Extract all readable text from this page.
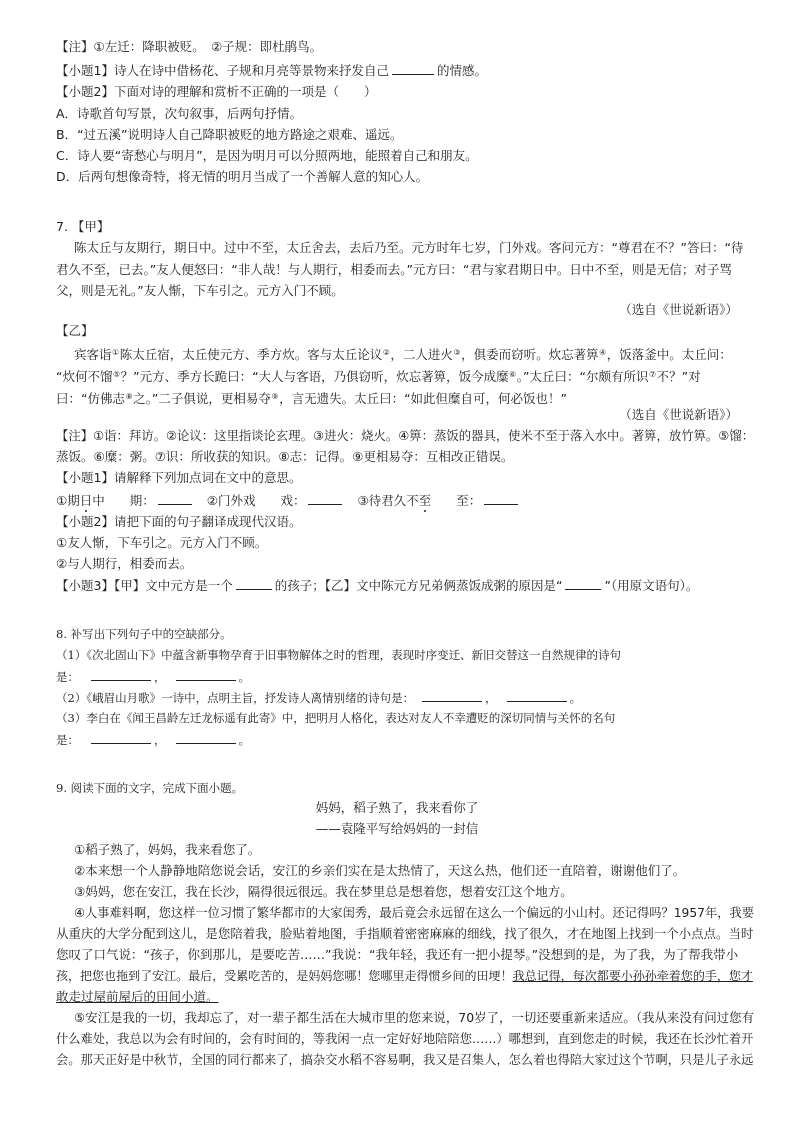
【注】①左迁：降职被贬。　②子规：即杜鹃鸟。
【小题1】诗人在诗中借杨花、子规和月亮等景物来抒发自己	的情感。
【小题2】下面对诗的理解和赏析不正确的一项是（　　）
A．诗歌首句写景，次句叙事，后两句抒情。
B．“过五溪”说明诗人自己降职被贬的地方路途之艰难、遥远。
C．诗人要“寄愁心与明月”，是因为明月可以分照两地，能照着自己和朋友。
D．后两句想像奇特，将无情的明月当成了一个善解人意的知心人。
7. 【甲】
陈太丘与友期行，期日中。过中不至，太丘舍去，去后乃至。元方时年七岁，门外戏。客问元方：“尊君在不？”答曰：“待
君久不至，已去。”友人便怒曰：“非人哉！与人期行，相委而去。”元方曰：“君与家君期日中。日中不至，则是无信；对子骂
父，则是无礼。”友人惭，下车引之。元方入门不顾。
（选自《世说新语》）
【乙】
宾客诣①陈太丘宿，太丘使元方、季方炊。客与太丘论议②，二人进火③，俱委而窃听。炊忘著箅④，饭落釜中。太丘问：
“炊何不馏⑤？”元方、季方长跪曰：“大人与客语，乃俱窃听，炊忘著箅，饭今成糜⑥。”太丘曰：“尔颇有所识⑦不？”对
曰：“仿佛志⑧之。”二子俱说，更相易夺⑨，言无遗失。太丘曰：“如此但糜自可，何必饭也！”
（选自《世说新语》）
【注】①诣：拜访。②论议：这里指谈论玄理。③进火：烧火。④箅：蒸饭的器具，使米不至于落入水中。著箅，放竹箅。⑤馏：
蒸饭。⑥糜：粥。⑦识：所收获的知识。⑧志：记得。⑨更相易夺：互相改正错误。
【小题1】请解释下列加点词在文中的意思。
①期日中　　期：	②门外戏　　戏：	③待君久不至　　至：
【小题2】请把下面的句子翻译成现代汉语。
①友人惭，下车引之。元方入门不顾。
②与人期行，相委而去。
【小题3】【甲】文中元方是一个	的孩子；【乙】文中陈元方兄弟俩蒸饭成粥的原因是“	”（用原文语句）。
8. 补写出下列句子中的空缺部分。
（1）《次北固山下》中蕴含新事物孕育于旧事物解体之时的哲理，表现时序变迁、新旧交替这一自然规律的诗句
是：	，	。
（2）《峨眉山月歌》一诗中，点明主旨，抒发诗人离情别绪的诗句是：	，	。
（3）李白在《闻王昌龄左迁龙标遥有此寄》中，把明月人格化，表达对友人不幸遭贬的深切同情与关怀的名句
是：	，	。
9. 阅读下面的文字，完成下面小题。
妈妈，稻子熟了，我来看你了
——袁隆平写给妈妈的一封信
①稻子熟了，妈妈，我来看您了。
②本来想一个人静静地陪您说会话，安江的乡亲们实在是太热情了，天这么热，他们还一直陪着，谢谢他们了。
③妈妈，您在安江，我在长沙，隔得很远很远。我在梦里总是想着您，想着安江这个地方。
④人事难料啊，您这样一位习惯了繁华都市的大家闺秀，最后竟会永远留在这么一个偏远的小山村。还记得吗？1957年，我要
从重庆的大学分配到这儿，是您陪着我，脸贴着地图，手指顺着密密麻麻的细线，找了很久，才在地图上找到一个小点点。当时
您叹了口气说：“孩子，你到那儿，是要吃苦……”我说：“我年轻，我还有一把小提琴。”没想到的是，为了我，为了帮我带小
孩，把您也拖到了安江。最后，受累吃苦的，是妈妈您哪！您哪里走得惯乡间的田埂！我总记得，每次都要小孙孙牵着您的手，您才
敢走过屋前屋后的田间小道。
⑤安江是我的一切，我却忘了，对一辈子都生活在大城市里的您来说，70岁了，一切还要重新来适应。（我从来没有问过您有
什么难处，我总以为会有时间的，会有时间的，等我闲一点一定好好地陪陪您……）哪想到，直到您走的时候，我还在长沙忙着开
会。那天正好是中秋节，全国的同行都来了，搞杂交水稻不容易啊，我又是召集人，怎么着也得陪大家过这个节啊，只是儿子永远
